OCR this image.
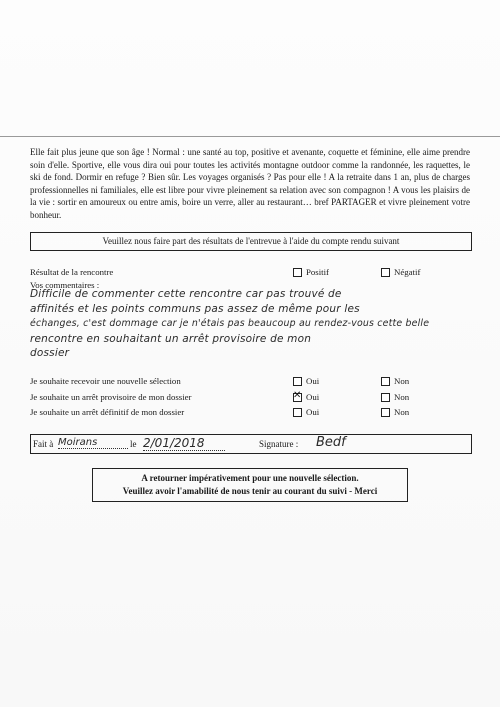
Elle fait plus jeune que son âge ! Normal : une santé au top, positive et avenante, coquette et féminine, elle aime prendre soin d'elle. Sportive, elle vous dira oui pour toutes les activités montagne outdoor comme la randonnée, les raquettes, le ski de fond. Dormir en refuge ? Bien sûr. Les voyages organisés ? Pas pour elle ! A la retraite dans 1 an, plus de charges professionnelles ni familiales, elle est libre pour vivre pleinement sa relation avec son compagnon ! A vous les plaisirs de la vie : sortir en amoureux ou entre amis, boire un verre, aller au restaurant… bref PARTAGER et vivre pleinement votre bonheur.
Veuillez nous faire part des résultats de l'entrevue à l'aide du compte rendu suivant
Résultat de la rencontre	Positif	Négatif
Vos commentaires :
Difficile de commenter cette rencontre car pas trouvé de
affinités et les points communs pas assez de même pour les
échanges, c'est dommage car je n'étais pas beaucoup au rendez-vous cette belle
rencontre en souhaitant un arrêt provisoire de mon
dossier
Je souhaite recevoir une nouvelle sélection	Oui	Non
Je souhaite un arrêt provisoire de mon dossier
✕	Oui	Non
Je souhaite un arrêt définitif de mon dossier	Oui	Non
Fait à Moirans	le 2/01/2018	Signature : Bedf
A retourner impérativement pour une nouvelle sélection.
Veuillez avoir l'amabilité de nous tenir au courant du suivi - Merci
